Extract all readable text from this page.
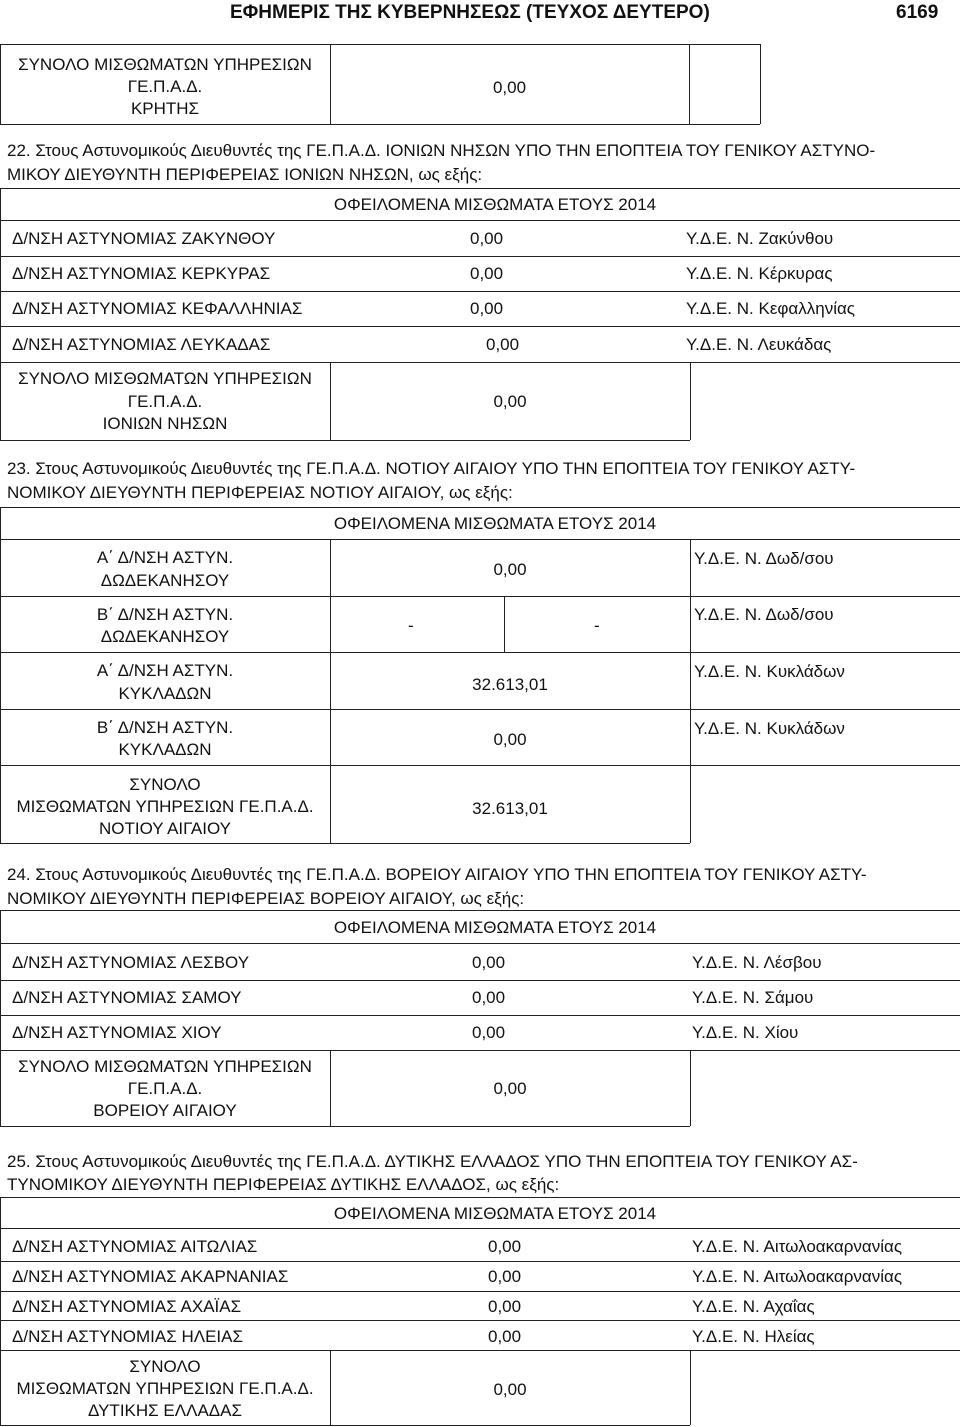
ΕΦΗΜΕΡΙΣ ΤΗΣ ΚΥΒΕΡΝΗΣΕΩΣ (ΤΕΥΧΟΣ ΔΕΥΤΕΡΟ)	6169
ΣΥΝΟΛΟ ΜΙΣΘΩΜΑΤΩΝ ΥΠΗΡΕΣΙΩΝ
ΓΕ.Π.Α.Δ.
ΚΡΗΤΗΣ
0,00
22. Στους Αστυνομικούς Διευθυντές της ΓΕ.Π.Α.Δ. ΙΟΝΙΩΝ ΝΗΣΩΝ ΥΠΟ ΤΗΝ ΕΠΟΠΤΕΙΑ ΤΟΥ ΓΕΝΙΚΟΥ ΑΣΤΥΝΟ-
ΜΙΚΟΥ ΔΙΕΥΘΥΝΤΗ ΠΕΡΙΦΕΡΕΙΑΣ ΙΟΝΙΩΝ ΝΗΣΩΝ, ως εξής:
ΟΦΕΙΛΟΜΕΝΑ ΜΙΣΘΩΜΑΤΑ ΕΤΟΥΣ 2014
Δ/ΝΣΗ ΑΣΤΥΝΟΜΙΑΣ ΖΑΚΥΝΘΟΥ	0,00	Υ.Δ.Ε. Ν. Ζακύνθου
Δ/ΝΣΗ ΑΣΤΥΝΟΜΙΑΣ ΚΕΡΚΥΡΑΣ	0,00	Υ.Δ.Ε. Ν. Κέρκυρας
Δ/ΝΣΗ ΑΣΤΥΝΟΜΙΑΣ ΚΕΦΑΛΛΗΝΙΑΣ	0,00	Υ.Δ.Ε. Ν. Κεφαλληνίας
Δ/ΝΣΗ ΑΣΤΥΝΟΜΙΑΣ ΛΕΥΚΑΔΑΣ	0,00	Υ.Δ.Ε. Ν. Λευκάδας
ΣΥΝΟΛΟ ΜΙΣΘΩΜΑΤΩΝ ΥΠΗΡΕΣΙΩΝ
ΓΕ.Π.Α.Δ.
ΙΟΝΙΩΝ ΝΗΣΩΝ
0,00
23. Στους Αστυνομικούς Διευθυντές της ΓΕ.Π.Α.Δ. ΝΟΤΙΟΥ ΑΙΓΑΙΟΥ ΥΠΟ ΤΗΝ ΕΠΟΠΤΕΙΑ ΤΟΥ ΓΕΝΙΚΟΥ ΑΣΤΥ-
ΝΟΜΙΚΟΥ ΔΙΕΥΘΥΝΤΗ ΠΕΡΙΦΕΡΕΙΑΣ ΝΟΤΙΟΥ ΑΙΓΑΙΟΥ, ως εξής:
ΟΦΕΙΛΟΜΕΝΑ ΜΙΣΘΩΜΑΤΑ ΕΤΟΥΣ 2014
Α΄ Δ/ΝΣΗ ΑΣΤΥΝ.
ΔΩΔΕΚΑΝΗΣΟΥ
0,00
Υ.Δ.Ε. Ν. Δωδ/σου
Β΄ Δ/ΝΣΗ ΑΣΤΥΝ.
ΔΩΔΕΚΑΝΗΣΟΥ
-	-
Υ.Δ.Ε. Ν. Δωδ/σου
Α΄ Δ/ΝΣΗ ΑΣΤΥΝ.
ΚΥΚΛΑΔΩΝ	32.613,01
Υ.Δ.Ε. Ν. Κυκλάδων
Β΄ Δ/ΝΣΗ ΑΣΤΥΝ.
ΚΥΚΛΑΔΩΝ
0,00
Υ.Δ.Ε. Ν. Κυκλάδων
ΣΥΝΟΛΟ
ΜΙΣΘΩΜΑΤΩΝ ΥΠΗΡΕΣΙΩΝ ΓΕ.Π.Α.Δ.
ΝΟΤΙΟΥ ΑΙΓΑΙΟΥ
32.613,01
24. Στους Αστυνομικούς Διευθυντές της ΓΕ.Π.Α.Δ. ΒΟΡΕΙΟΥ ΑΙΓΑΙΟΥ ΥΠΟ ΤΗΝ ΕΠΟΠΤΕΙΑ ΤΟΥ ΓΕΝΙΚΟΥ ΑΣΤΥ-
ΝΟΜΙΚΟΥ ΔΙΕΥΘΥΝΤΗ ΠΕΡΙΦΕΡΕΙΑΣ ΒΟΡΕΙΟΥ ΑΙΓΑΙΟΥ, ως εξής:
ΟΦΕΙΛΟΜΕΝΑ ΜΙΣΘΩΜΑΤΑ ΕΤΟΥΣ 2014
Δ/ΝΣΗ ΑΣΤΥΝΟΜΙΑΣ ΛΕΣΒΟΥ	0,00	Υ.Δ.Ε. Ν. Λέσβου
Δ/ΝΣΗ ΑΣΤΥΝΟΜΙΑΣ ΣΑΜΟΥ	0,00	Υ.Δ.Ε. Ν. Σάμου
Δ/ΝΣΗ ΑΣΤΥΝΟΜΙΑΣ ΧΙΟΥ	0,00	Υ.Δ.Ε. Ν. Χίου
ΣΥΝΟΛΟ ΜΙΣΘΩΜΑΤΩΝ ΥΠΗΡΕΣΙΩΝ
ΓΕ.Π.Α.Δ.
ΒΟΡΕΙΟΥ ΑΙΓΑΙΟΥ
0,00
25. Στους Αστυνομικούς Διευθυντές της ΓΕ.Π.Α.Δ. ΔΥΤΙΚΗΣ ΕΛΛΑΔΟΣ ΥΠΟ ΤΗΝ ΕΠΟΠΤΕΙΑ ΤΟΥ ΓΕΝΙΚΟΥ ΑΣ-
ΤΥΝΟΜΙΚΟΥ ΔΙΕΥΘΥΝΤΗ ΠΕΡΙΦΕΡΕΙΑΣ ΔΥΤΙΚΗΣ ΕΛΛΑΔΟΣ, ως εξής:
ΟΦΕΙΛΟΜΕΝΑ ΜΙΣΘΩΜΑΤΑ ΕΤΟΥΣ 2014
Δ/ΝΣΗ ΑΣΤΥΝΟΜΙΑΣ ΑΙΤΩΛΙΑΣ	0,00	Υ.Δ.Ε. Ν. Αιτωλοακαρνανίας
Δ/ΝΣΗ ΑΣΤΥΝΟΜΙΑΣ ΑΚΑΡΝΑΝΙΑΣ	0,00	Υ.Δ.Ε. Ν. Αιτωλοακαρνανίας
Δ/ΝΣΗ ΑΣΤΥΝΟΜΙΑΣ ΑΧΑΪΑΣ	0,00	Υ.Δ.Ε. Ν. Αχαΐας
Δ/ΝΣΗ ΑΣΤΥΝΟΜΙΑΣ ΗΛΕΙΑΣ	0,00	Υ.Δ.Ε. Ν. Ηλείας
ΣΥΝΟΛΟ
ΜΙΣΘΩΜΑΤΩΝ ΥΠΗΡΕΣΙΩΝ ΓΕ.Π.Α.Δ.
ΔΥΤΙΚΗΣ ΕΛΛΑΔΑΣ
0,00
